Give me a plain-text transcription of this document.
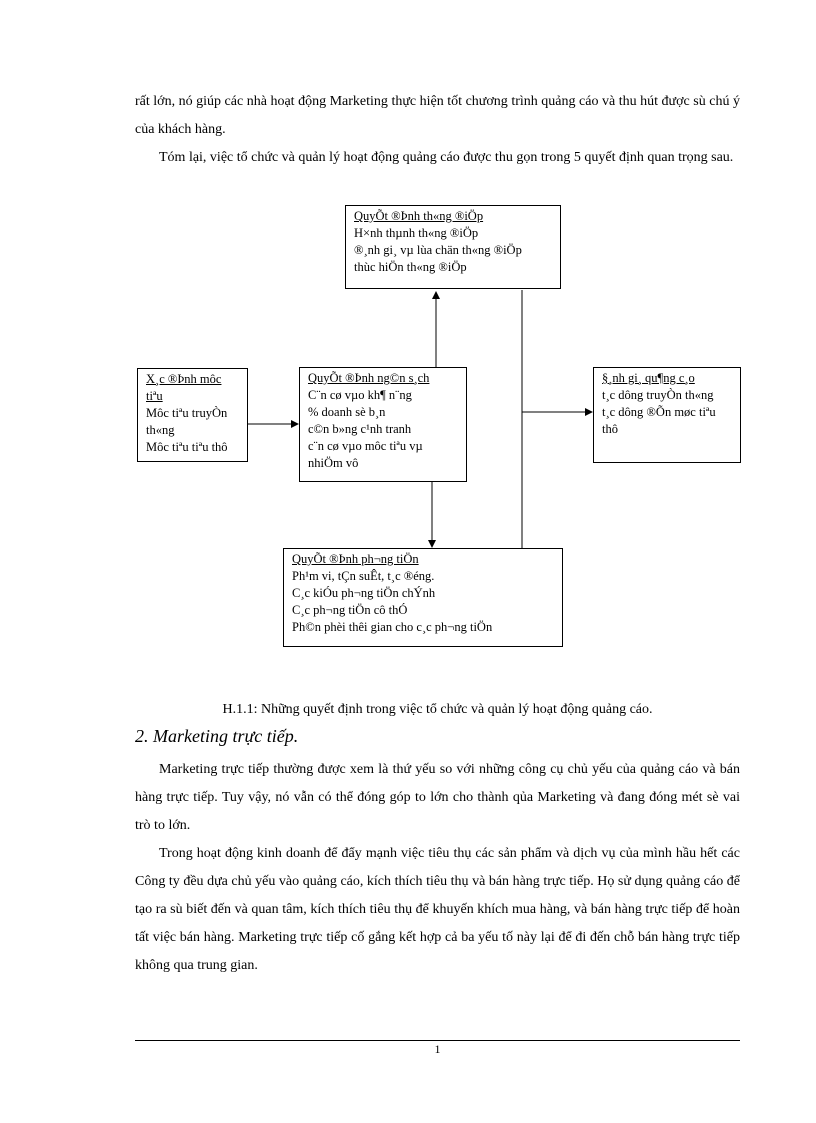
rất lớn, nó giúp các nhà hoạt động Marketing thực hiện tốt chương trình quảng cáo và thu hút được sù chú ý của khách hàng.

Tóm lại, việc tổ chức và quản lý hoạt động quảng cáo được thu gọn trong 5 quyết định quan trọng sau.

QuyÕt ®Þnh th«ng ®iÖp
H×nh thµnh th«ng ®iÖp
®¸nh gi¸ vµ lùa chän th«ng ®iÖp
thùc hiÖn th«ng ®iÖp
X¸c ®Þnh môc tiªu
Môc tiªu truyÒn th«ng
Môc tiªu tiªu thô
QuyÕt ®Þnh ng©n s¸ch
C¨n cø vµo kh¶ n¨ng
% doanh sè b¸n
c©n b»ng c¹nh tranh
c¨n cø vµo môc tiªu vµ nhiÖm vô
§¸nh gi¸ qu¶ng c¸o
t¸c dông truyÒn th«ng
t¸c dông ®Õn møc tiªu thô
QuyÕt ®Þnh ph¬ng tiÖn
Ph¹m vi, tÇn suÊt, t¸c ®éng.
C¸c kiÓu ph¬ng tiÖn chÝnh
C¸c ph¬ng tiÖn cô thÓ
Ph©n phèi thêi gian cho c¸c ph¬ng tiÖn

H.1.1: Những quyết định trong việc tổ chức và quản lý hoạt động quảng cáo.

2. Marketing trực tiếp.

Marketing trực tiếp thường được xem là thứ yếu so với những công cụ chủ yếu của quảng cáo và bán hàng trực tiếp. Tuy vậy, nó vẫn có thể đóng góp to lớn cho thành qủa Marketing và đang đóng mét sè vai trò to lớn.

Trong hoạt động kinh doanh để đẩy mạnh việc tiêu thụ các sản phẩm và dịch vụ của mình hầu hết các Công ty đều dựa chủ yếu vào quảng cáo, kích thích tiêu thụ và bán hàng trực tiếp. Họ sử dụng quảng cáo để tạo ra sù biết đến và quan tâm, kích thích tiêu thụ để khuyến khích mua hàng, và bán hàng trực tiếp để hoàn tất việc bán hàng. Marketing trực tiếp cố gắng kết hợp cả ba yếu tố này lại để đi đến chỗ bán hàng trực tiếp không qua trung gian.

1
